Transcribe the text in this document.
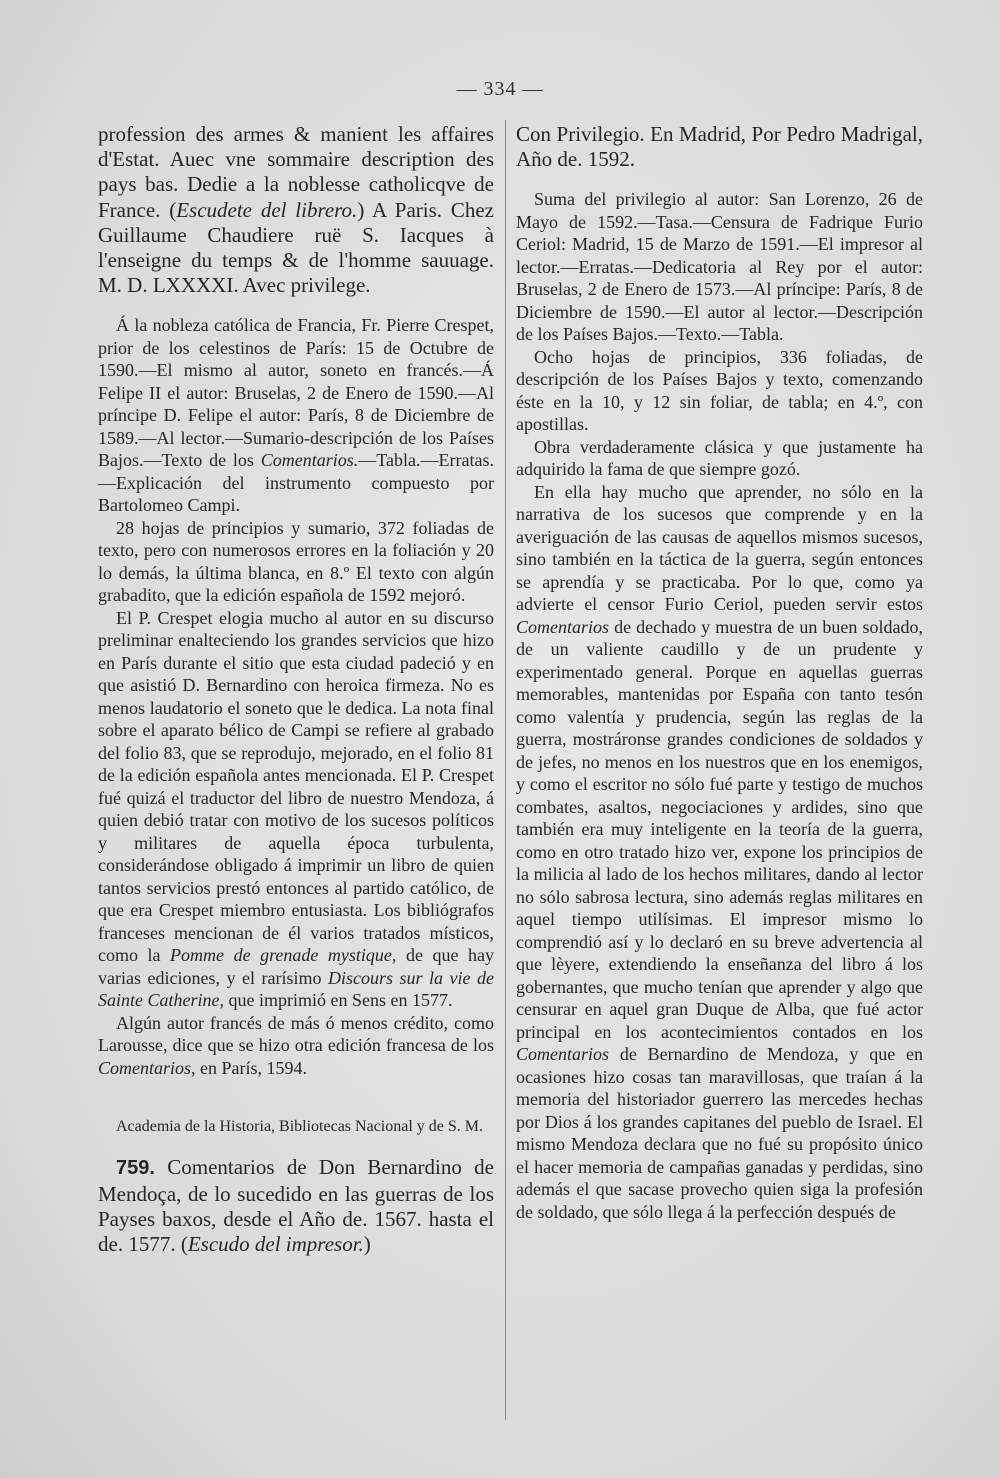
— 334 —

profession des armes & manient les affaires d'Estat. Auec vne sommaire description des pays bas. Dedie a la noblesse catholicqve de France. (Escudete del librero.) A Paris. Chez Guillaume Chaudiere ruë S. Iacques à l'enseigne du temps & de l'homme sauuage. M. D. LXXXXI. Avec privilege.

Á la nobleza católica de Francia, Fr. Pierre Crespet, prior de los celestinos de París: 15 de Octubre de 1590.—El mismo al autor, soneto en francés.—Á Felipe II el autor: Bruselas, 2 de Enero de 1590.—Al príncipe D. Felipe el autor: París, 8 de Diciembre de 1589.—Al lector.—Sumario-descripción de los Países Bajos.—Texto de los Comentarios.—Tabla.—Erratas.—Explicación del instrumento compuesto por Bartolomeo Campi.

28 hojas de principios y sumario, 372 foliadas de texto, pero con numerosos errores en la foliación y 20 lo demás, la última blanca, en 8.º El texto con algún grabadito, que la edición española de 1592 mejoró.

El P. Crespet elogia mucho al autor en su discurso preliminar enalteciendo los grandes servicios que hizo en París durante el sitio que esta ciudad padeció y en que asistió D. Bernardino con heroica firmeza. No es menos laudatorio el soneto que le dedica. La nota final sobre el aparato bélico de Campi se refiere al grabado del folio 83, que se reprodujo, mejorado, en el folio 81 de la edición española antes mencionada. El P. Crespet fué quizá el traductor del libro de nuestro Mendoza, á quien debió tratar con motivo de los sucesos políticos y militares de aquella época turbulenta, considerándose obligado á imprimir un libro de quien tantos servicios prestó entonces al partido católico, de que era Crespet miembro entusiasta. Los bibliógrafos franceses mencionan de él varios tratados místicos, como la Pomme de grenade mystique, de que hay varias ediciones, y el rarísimo Discours sur la vie de Sainte Catherine, que imprimió en Sens en 1577.

Algún autor francés de más ó menos crédito, como Larousse, dice que se hizo otra edición francesa de los Comentarios, en París, 1594.

Academia de la Historia, Bibliotecas Nacional y de S. M.

759. Comentarios de Don Bernardino de Mendoça, de lo sucedido en las guerras de los Payses baxos, desde el Año de. 1567. hasta el de. 1577. (Escudo del impresor.)

Con Privilegio. En Madrid, Por Pedro Madrigal, Año de. 1592.

Suma del privilegio al autor: San Lorenzo, 26 de Mayo de 1592.—Tasa.—Censura de Fadrique Furio Ceriol: Madrid, 15 de Marzo de 1591.—El impresor al lector.—Erratas.—Dedicatoria al Rey por el autor: Bruselas, 2 de Enero de 1573.—Al príncipe: París, 8 de Diciembre de 1590.—El autor al lector.—Descripción de los Países Bajos.—Texto.—Tabla.

Ocho hojas de principios, 336 foliadas, de descripción de los Países Bajos y texto, comenzando éste en la 10, y 12 sin foliar, de tabla; en 4.º, con apostillas.

Obra verdaderamente clásica y que justamente ha adquirido la fama de que siempre gozó.

En ella hay mucho que aprender, no sólo en la narrativa de los sucesos que comprende y en la averiguación de las causas de aquellos mismos sucesos, sino también en la táctica de la guerra, según entonces se aprendía y se practicaba. Por lo que, como ya advierte el censor Furio Ceriol, pueden servir estos Comentarios de dechado y muestra de un buen soldado, de un valiente caudillo y de un prudente y experimentado general. Porque en aquellas guerras memorables, mantenidas por España con tanto tesón como valentía y prudencia, según las reglas de la guerra, mostráronse grandes condiciones de soldados y de jefes, no menos en los nuestros que en los enemigos, y como el escritor no sólo fué parte y testigo de muchos combates, asaltos, negociaciones y ardides, sino que también era muy inteligente en la teoría de la guerra, como en otro tratado hizo ver, expone los principios de la milicia al lado de los hechos militares, dando al lector no sólo sabrosa lectura, sino además reglas militares en aquel tiempo utilísimas. El impresor mismo lo comprendió así y lo declaró en su breve advertencia al que lèyere, extendiendo la enseñanza del libro á los gobernantes, que mucho tenían que aprender y algo que censurar en aquel gran Duque de Alba, que fué actor principal en los acontecimientos contados en los Comentarios de Bernardino de Mendoza, y que en ocasiones hizo cosas tan maravillosas, que traían á la memoria del historiador guerrero las mercedes hechas por Dios á los grandes capitanes del pueblo de Israel. El mismo Mendoza declara que no fué su propósito único el hacer memoria de campañas ganadas y perdidas, sino además el que sacase provecho quien siga la profesión de soldado, que sólo llega á la perfección después de
